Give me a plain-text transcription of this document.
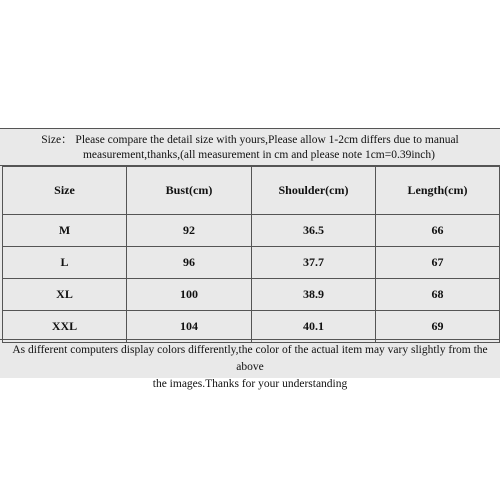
Size： Please compare the detail size with yours,Please allow 1-2cm differs due to manual
measurement,thanks,(all measurement in cm and please note 1cm=0.39inch)
Size	Bust(cm)	Shoulder(cm)	Length(cm)
M	92	36.5	66
L	96	37.7	67
XL	100	38.9	68
XXL	104	40.1	69
As different computers display colors differently,the color of the actual item may vary slightly from the above
the images.Thanks for your understanding
